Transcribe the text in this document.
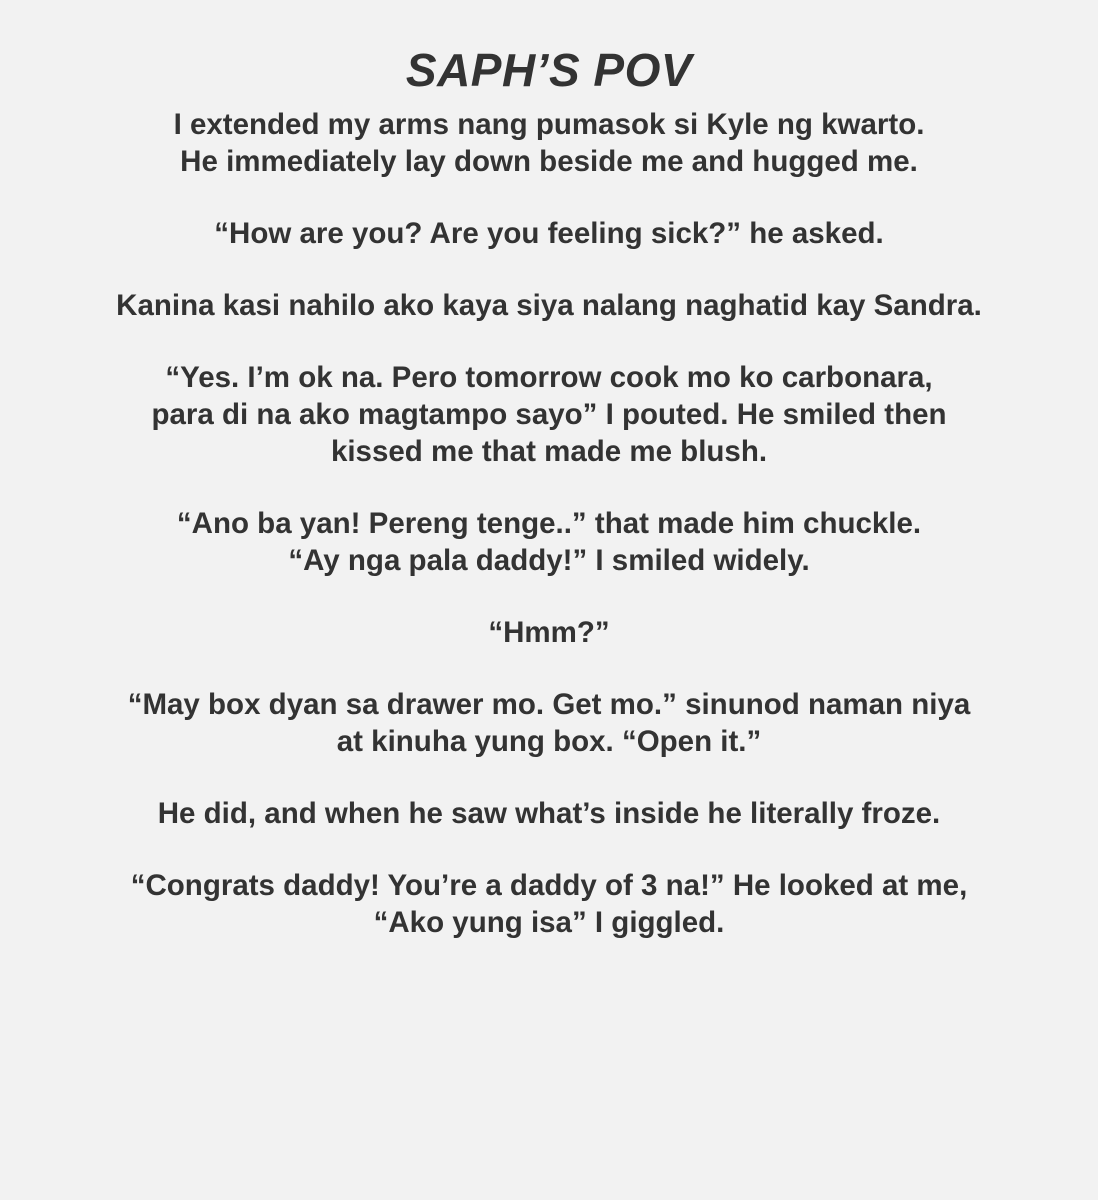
SAPH’S POV

I extended my arms nang pumasok si Kyle ng kwarto.
He immediately lay down beside me and hugged me.

“How are you? Are you feeling sick?” he asked.

Kanina kasi nahilo ako kaya siya nalang naghatid kay Sandra.

“Yes. I’m ok na. Pero tomorrow cook mo ko carbonara,
para di na ako magtampo sayo” I pouted. He smiled then
kissed me that made me blush.

“Ano ba yan! Pereng tenge..” that made him chuckle.
“Ay nga pala daddy!” I smiled widely.

“Hmm?”

“May box dyan sa drawer mo. Get mo.” sinunod naman niya
at kinuha yung box. “Open it.”

He did, and when he saw what’s inside he literally froze.

“Congrats daddy! You’re a daddy of 3 na!” He looked at me,
“Ako yung isa” I giggled.
